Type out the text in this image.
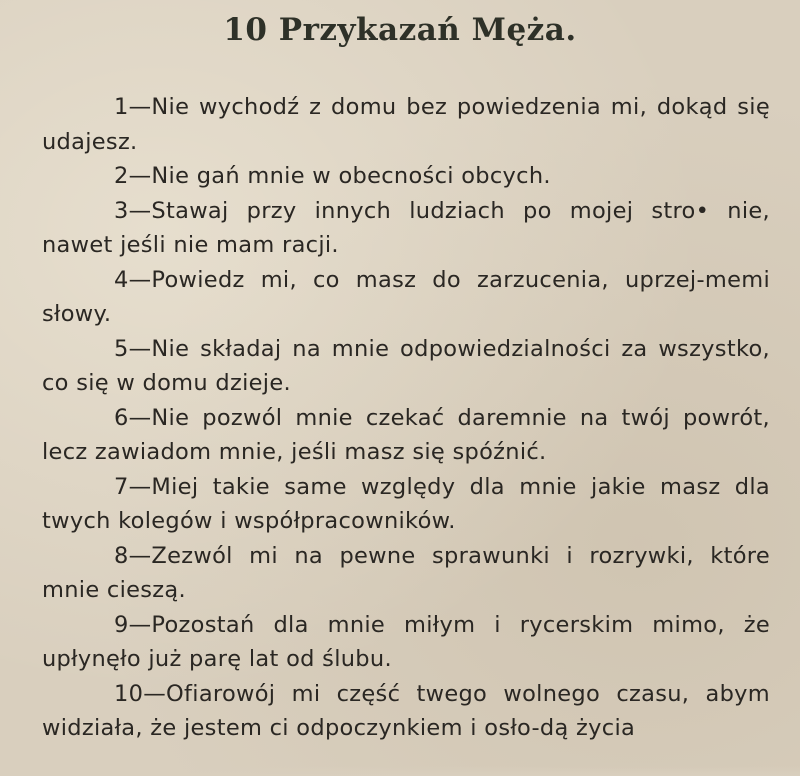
10 Przykazań Męża.

1—Nie wychodź z domu bez powiedzenia mi, dokąd się udajesz.

2—Nie gań mnie w obecności obcych.

3—Stawaj przy innych ludziach po mojej stro• nie, nawet jeśli nie mam racji.

4—Powiedz mi, co masz do zarzucenia, uprzej-memi słowy.

5—Nie składaj na mnie odpowiedzialności za wszystko, co się w domu dzieje.

6—Nie pozwól mnie czekać daremnie na twój powrót, lecz zawiadom mnie, jeśli masz się spóźnić.

7—Miej takie same względy dla mnie jakie masz dla twych kolegów i współpracowników.

8—Zezwól mi na pewne sprawunki i rozrywki, które mnie cieszą.

9—Pozostań dla mnie miłym i rycerskim mimo, że upłynęło już parę lat od ślubu.

10—Ofiarowój mi część twego wolnego czasu, abym widziała, że jestem ci odpoczynkiem i osło-dą życia
